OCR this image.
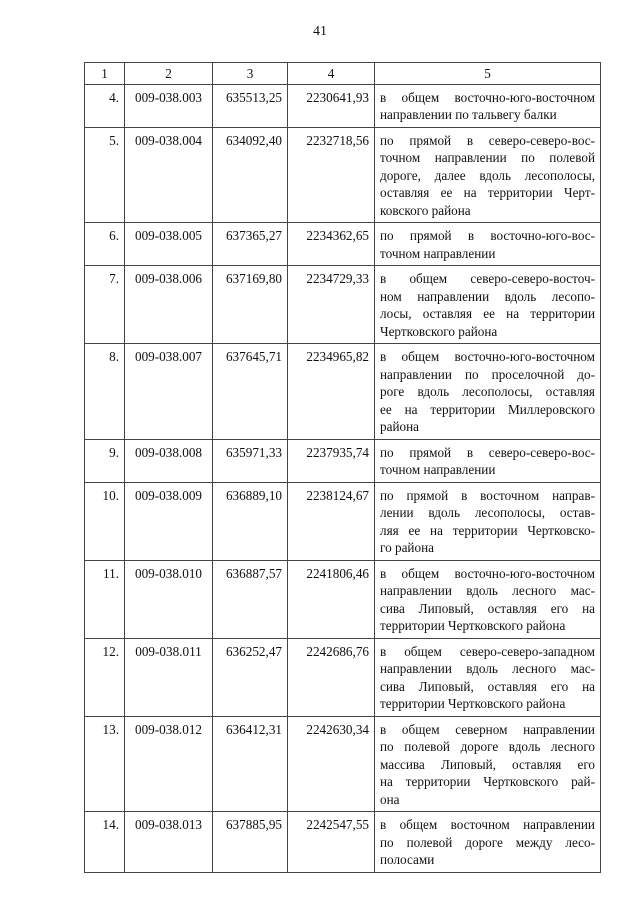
41
1	2	3	4	5
4.	009-038.003	635513,25	2230641,93	в общем восточно-юго-восточном
направлении по тальвегу балки

5.	009-038.004	634092,40	2232718,56	по прямой в северо-северо-вос-
точном направлении по полевой
дороге, далее вдоль лесополосы,
оставляя ее на территории Черт-
ковского района

6.	009-038.005	637365,27	2234362,65	по прямой в восточно-юго-вос-
точном направлении

7.	009-038.006	637169,80	2234729,33	в общем северо-северо-восточ-
ном направлении вдоль лесопо-
лосы, оставляя ее на территории
Чертковского района

8.	009-038.007	637645,71	2234965,82	в общем восточно-юго-восточном
направлении по проселочной до-
роге вдоль лесополосы, оставляя
ее на территории Миллеровского
района

9.	009-038.008	635971,33	2237935,74	по прямой в северо-северо-вос-
точном направлении

10.	009-038.009	636889,10	2238124,67	по прямой в восточном направ-
лении вдоль лесополосы, остав-
ляя ее на территории Чертковско-
го района

11.	009-038.010	636887,57	2241806,46	в общем восточно-юго-восточном
направлении вдоль лесного мас-
сива Липовый, оставляя его на
территории Чертковского района

12.	009-038.011	636252,47	2242686,76	в общем северо-северо-западном
направлении вдоль лесного мас-
сива Липовый, оставляя его на
территории Чертковского района

13.	009-038.012	636412,31	2242630,34	в общем северном направлении
по полевой дороге вдоль лесного
массива Липовый, оставляя его
на территории Чертковского рай-
она

14.	009-038.013	637885,95	2242547,55	в общем восточном направлении
по полевой дороге между лесо-
полосами
